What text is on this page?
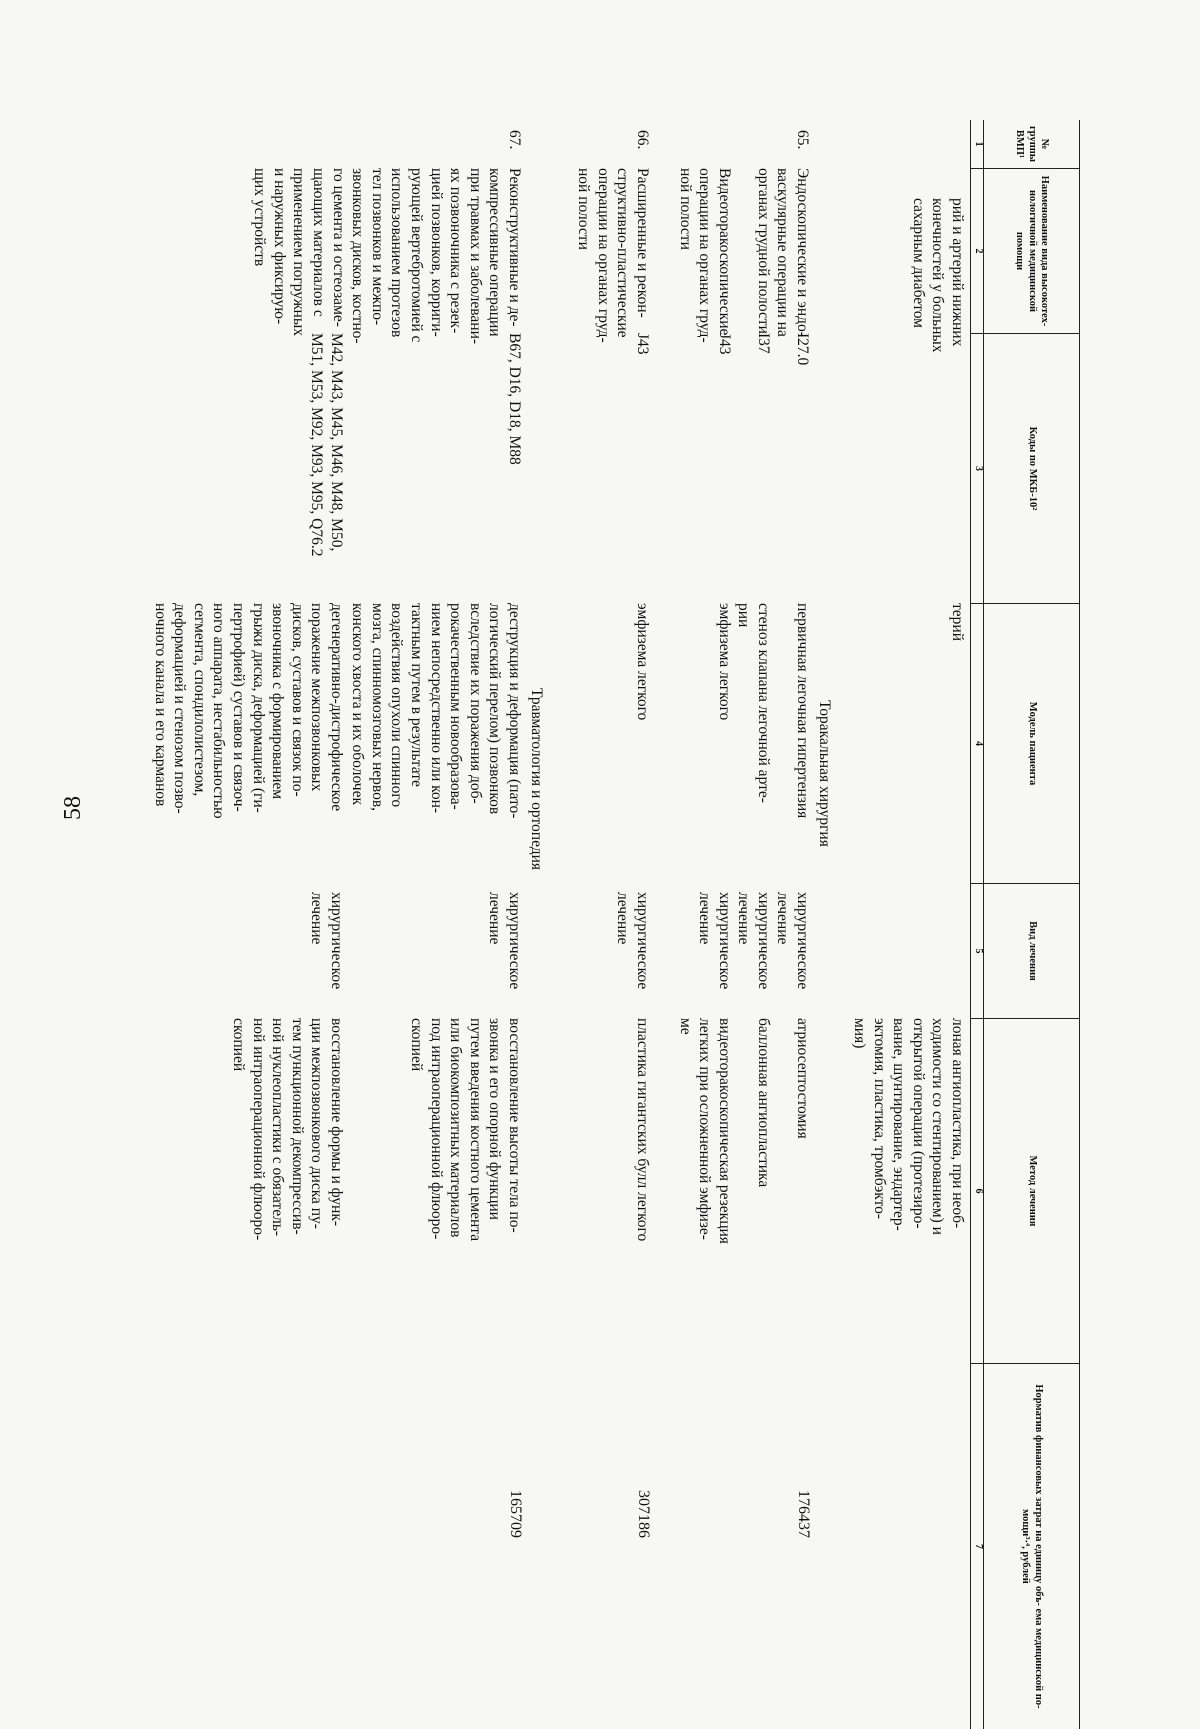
58
№ группы ВМП¹
Наименование вида высокотех- нологичной медицинской помощи
Коды по МКБ-10²
Модель пациента
Вид лечения
Метод лечения
Норматив финансовых затрат на единицу объ- ема медицинской по- мощи³·⁴, рублей
1
2
3
4
5
6
7
рий и артерий нижних
конечностей у больных
сахарным диабетом
терий
лоная ангиопластика, при необ-
ходимости со стентированием) и
открытой операции (протезиро-
вание, шунтирование, эндартер-
эктомия, пластика, тромбэкто-
мия)
Торакальная хирургия
65.
Эндоскопические и эндо-
васкулярные операции на
органах грудной полости
I27.0
I37
первичная легочная гипертензия
стеноз клапана легочной арте-
рии
хирургическое
лечение
хирургическое
лечение
атриосептостомия
баллонная ангиопластика
176437
Видеоторакоскопические
операции на органах груд-
ной полости
J43
эмфизема легкого
хирургическое
лечение
видеоторакоскопическая резекция
легких при осложненной эмфизе-
ме
66.
Расширенные и рекон-
структивно-пластические
операции на органах груд-
ной полости
J43
эмфизема легкого
хирургическое
лечение
пластика гигантских булл легкого
307186
Травматология и ортопедия
67.
Реконструктивные и де-
компрессивные операции
при травмах и заболевани-
ях позвоночника с резек-
цией позвонков, корриги-
рующей вертебротомией с
использованием протезов
тел позвонков и межпо-
звонковых дисков, костно-
го цемента и остеозаме-
щающих материалов с
применением погружных
и наружных фиксирую-
щих устройств
B67, D16, D18, M88
деструкция и деформация (пато-
логический перелом) позвонков
вследствие их поражения доб-
рокачественным новообразова-
нием непосредственно или кон-
тактным путем в результате
воздействия опухоли спинного
мозга, спинномозговых нервов,
конского хвоста и их оболочек
хирургическое
лечение
восстановление высоты тела по-
звонка и его опорной функции
путем введения костного цемента
или биокомпозитных материалов
под интраоперационной флюоро-
скопией
165709
M42, M43, M45, M46, M48, M50,
M51, M53, M92, M93, M95, Q76.2
дегенеративно-дистрофическое
поражение межпозвонковых
дисков, суставов и связок по-
звоночника с формированием
грыжи диска, деформацией (ги-
пертрофией) суставов и связоч-
ного аппарата, нестабильностью
сегмента, спондилолистезом,
деформацией и стенозом позво-
ночного канала и его карманов
хирургическое
лечение
восстановление формы и функ-
ции межпозвонкового диска пу-
тем пункционной декомпрессив-
ной нуклеопластики с обязатель-
ной интраоперационной флюоро-
скопией
